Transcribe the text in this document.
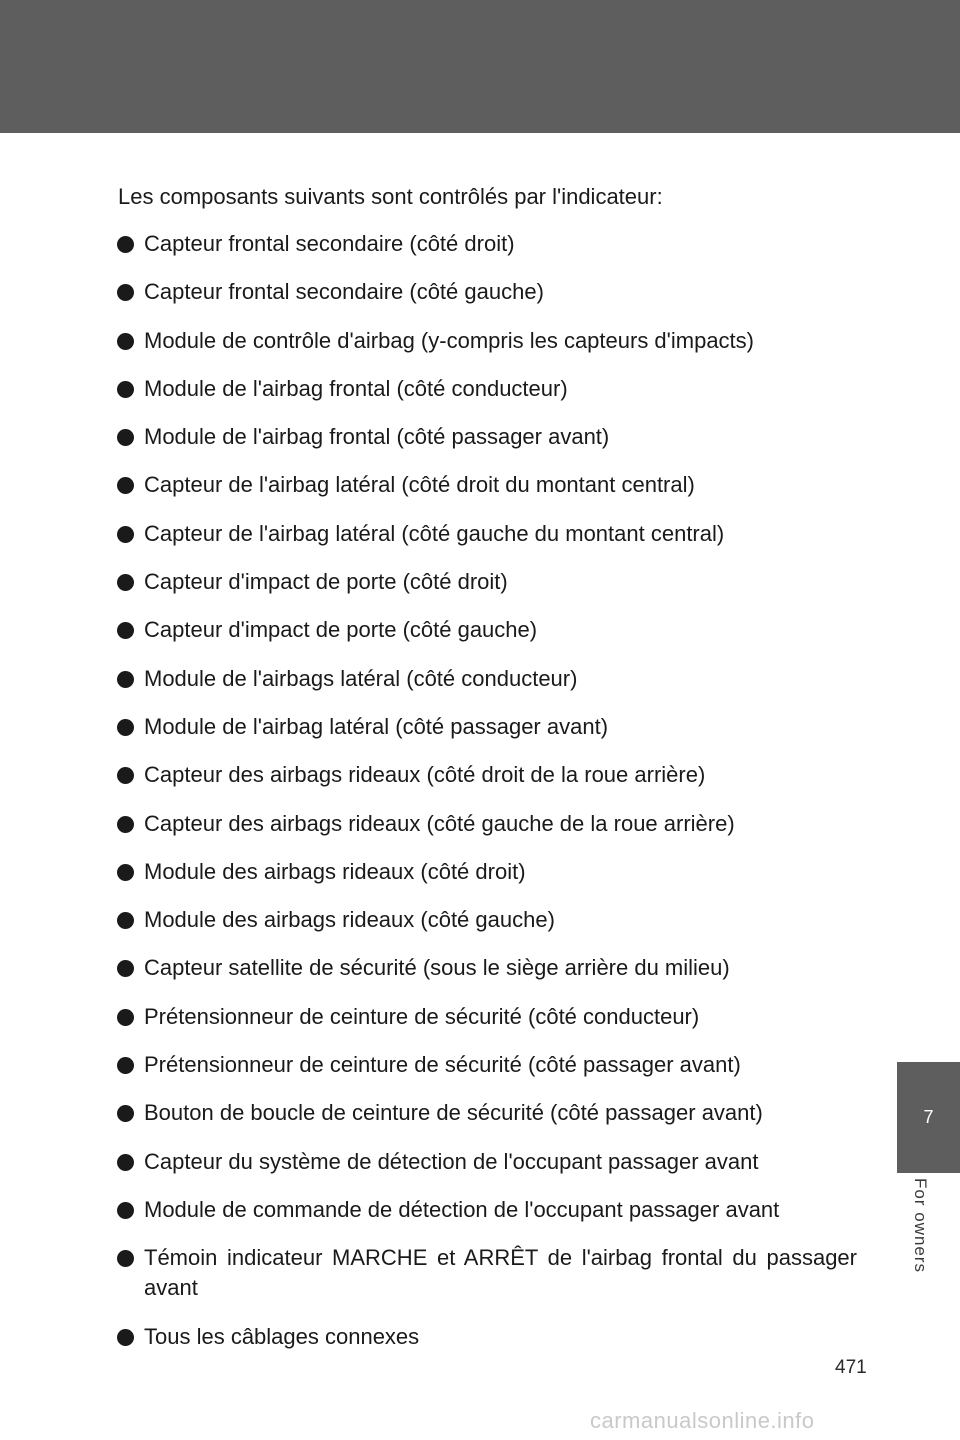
Les composants suivants sont contrôlés par l'indicateur:

Capteur frontal secondaire (côté droit)
Capteur frontal secondaire (côté gauche)
Module de contrôle d'airbag (y-compris les capteurs d'impacts)
Module de l'airbag frontal (côté conducteur)
Module de l'airbag frontal (côté passager avant)
Capteur de l'airbag latéral (côté droit du montant central)
Capteur de l'airbag latéral (côté gauche du montant central)
Capteur d'impact de porte (côté droit)
Capteur d'impact de porte (côté gauche)
Module de l'airbags latéral (côté conducteur)
Module de l'airbag latéral (côté passager avant)
Capteur des airbags rideaux (côté droit de la roue arrière)
Capteur des airbags rideaux (côté gauche de la roue arrière)
Module des airbags rideaux (côté droit)
Module des airbags rideaux (côté gauche)
Capteur satellite de sécurité (sous le siège arrière du milieu)
Prétensionneur de ceinture de sécurité (côté conducteur)
Prétensionneur de ceinture de sécurité (côté passager avant)
Bouton de boucle de ceinture de sécurité (côté passager avant)
Capteur du système de détection de l'occupant passager avant
Module de commande de détection de l'occupant passager avant
Témoin indicateur MARCHE et ARRÊT de l'airbag frontal du passager avant
Tous les câblages connexes
7
For owners
471
carmanualsonline.info
